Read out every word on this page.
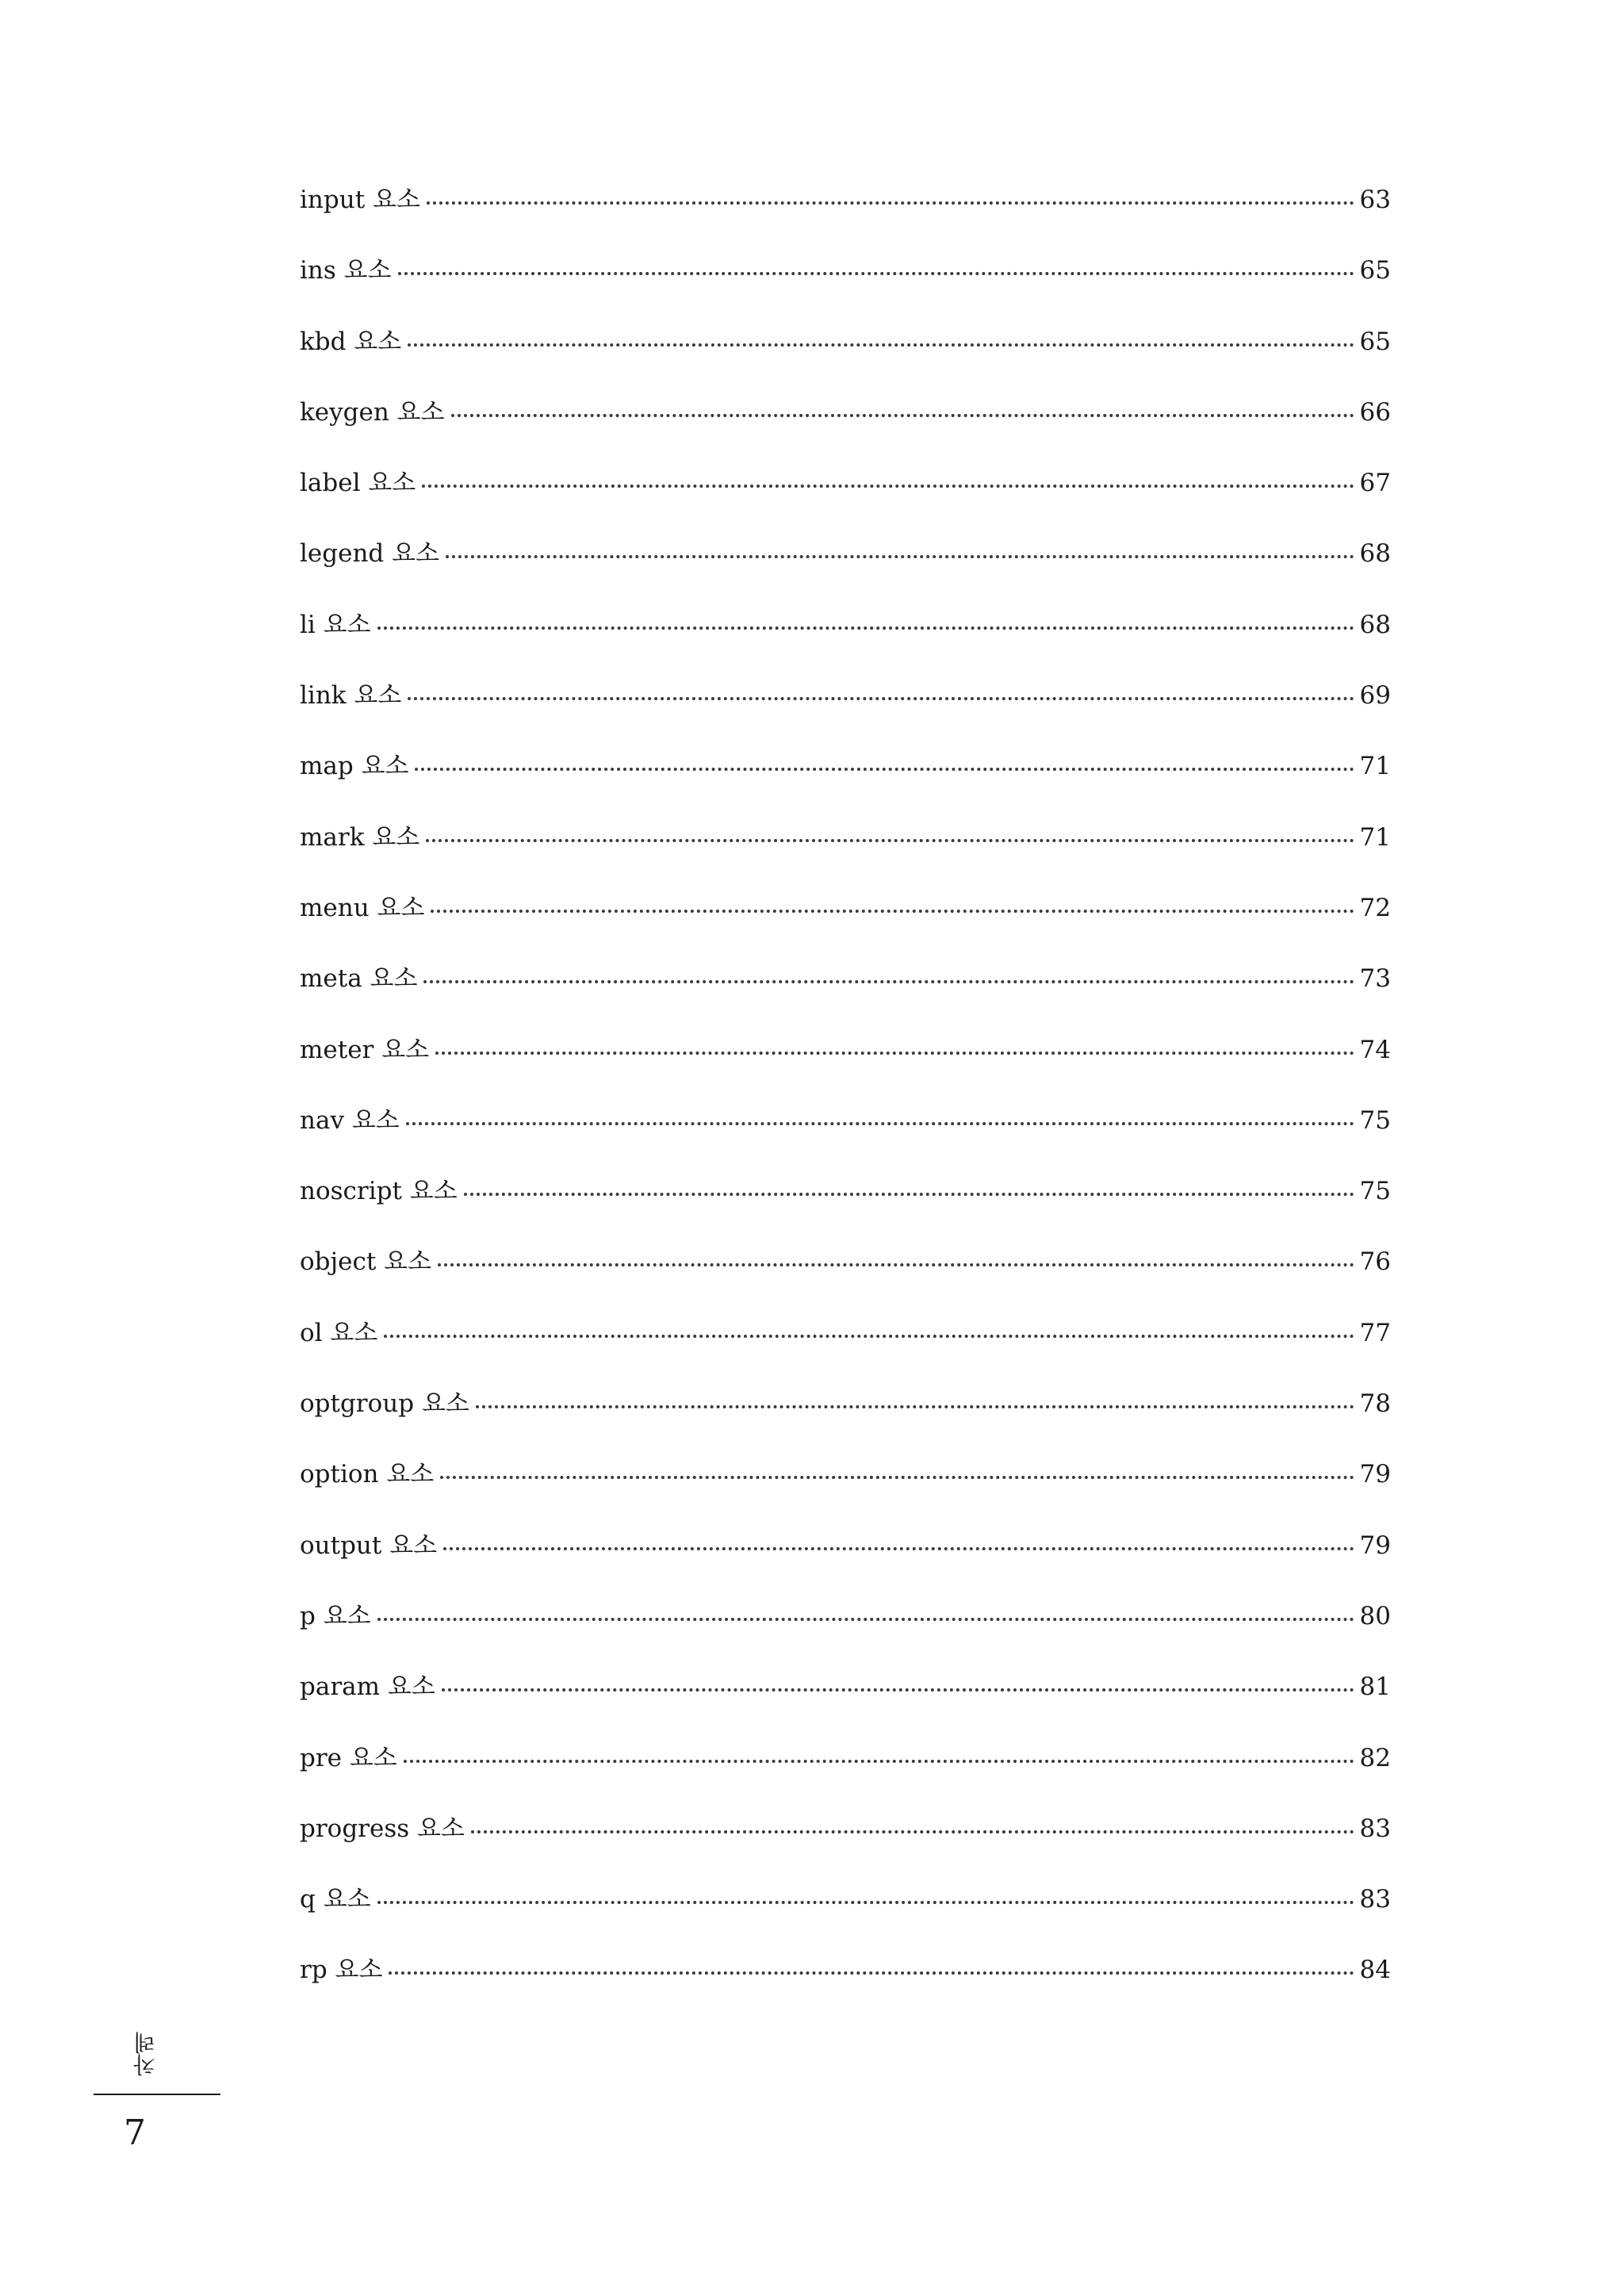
input 요소	63
ins 요소	65
kbd 요소	65
keygen 요소	66
label 요소	67
legend 요소	68
li 요소	68
link 요소	69
map 요소	71
mark 요소	71
menu 요소	72
meta 요소	73
meter 요소	74
nav 요소	75
noscript 요소	75
object 요소	76
ol 요소	77
optgroup 요소	78
option 요소	79
output 요소	79
p 요소	80
param 요소	81
pre 요소	82
progress 요소	83
q 요소	83
rp 요소	84
차례
7
